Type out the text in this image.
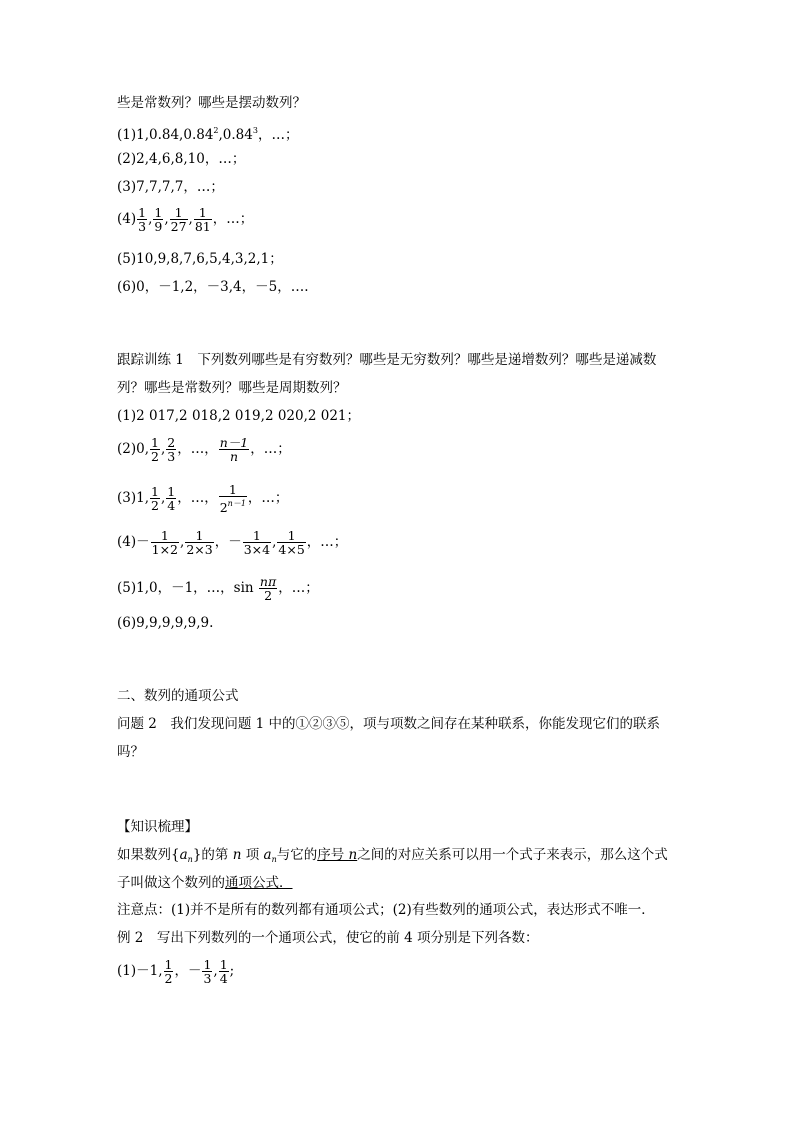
些是常数列？哪些是摆动数列？
(1)1,0.84,0.84$^2$,0.84$^3$，…；
(2)2,4,6,8,10，…；
(3)7,7,7,7，…；
$(4) \frac{1}{3}$ , $\frac{1}{9}$ , $\frac{1}{27}$ , $\frac{1}{81}$ ，…；
(5)10,9,8,7,6,5,4,3,2,1；
(6)0，－1,2，－3,4，－5，….
跟踪训练 1　下列数列哪些是有穷数列？哪些是无穷数列？哪些是递增数列？哪些是递减数
列？哪些是常数列？哪些是周期数列？
(1)2 017,2 018,2 019,2 020,2 021；
(2)0, $\frac{1}{2}$ , $\frac{2}{3}$ ，…， $\frac{n-1}{n}$ ，…；
(3)1, $\frac{1}{2}$ , $\frac{1}{4}$ ，…， $\frac{1}{2^{n-1}}$ ，…；
$(4)- \frac{1}{1\times 2}$ , $\frac{1}{2\times 3}$ ，－ $\frac{1}{3\times 4}$ , $\frac{1}{4\times 5}$ ，…；
(5)1,0，－1，…，$\sin \frac{n\pi}{2}$ ，…；
(6)9,9,9,9,9,9.
二、数列的通项公式
问题 2　我们发现问题 1 中的①②③⑤，项与项数之间存在某种联系，你能发现它们的联系
吗？
【知识梳理】
如果数列$\{a_n\}$的第 n 项 $a_n$与它的序号 n之间的对应关系可以用一个式子来表示，那么这个式
子叫做这个数列的通项公式．
注意点：(1)并不是所有的数列都有通项公式；(2)有些数列的通项公式，表达形式不唯一．
例 2　写出下列数列的一个通项公式，使它的前 4 项分别是下列各数：
(1)－1, $\frac{1}{2}$ ，－ $\frac{1}{3}$ , $\frac{1}{4}$ ;
